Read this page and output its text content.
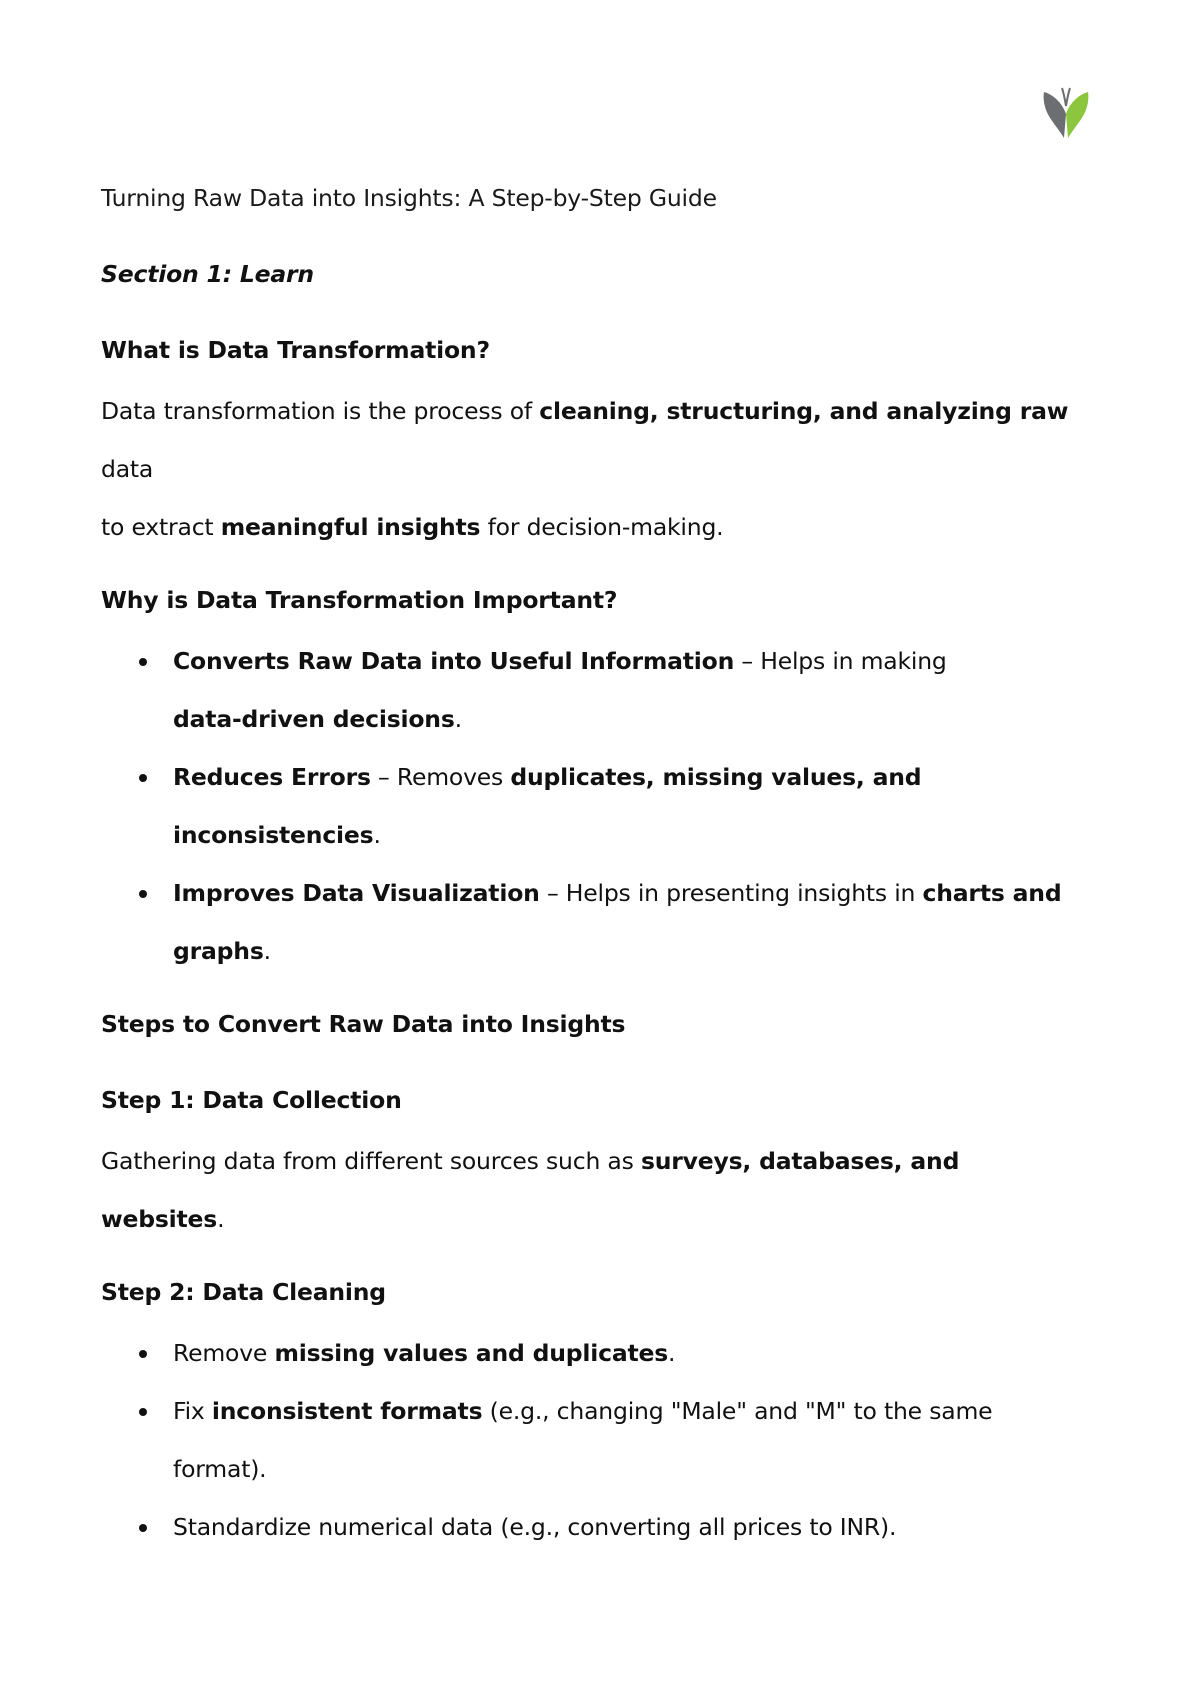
Turning Raw Data into Insights: A Step-by-Step Guide
Section 1: Learn
What is Data Transformation?

Data transformation is the process of cleaning, structuring, and analyzing raw
data

to extract meaningful insights for decision-making.

Why is Data Transformation Important?
Converts Raw Data into Useful Information – Helps in making
data-driven decisions.
Reduces Errors – Removes duplicates, missing values, and
inconsistencies.
Improves Data Visualization – Helps in presenting insights in charts and
graphs.
Steps to Convert Raw Data into Insights
Step 1: Data Collection

Gathering data from different sources such as surveys, databases, and
websites.

Step 2: Data Cleaning
Remove missing values and duplicates.
Fix inconsistent formats (e.g., changing "Male" and "M" to the same
format).
Standardize numerical data (e.g., converting all prices to INR).
